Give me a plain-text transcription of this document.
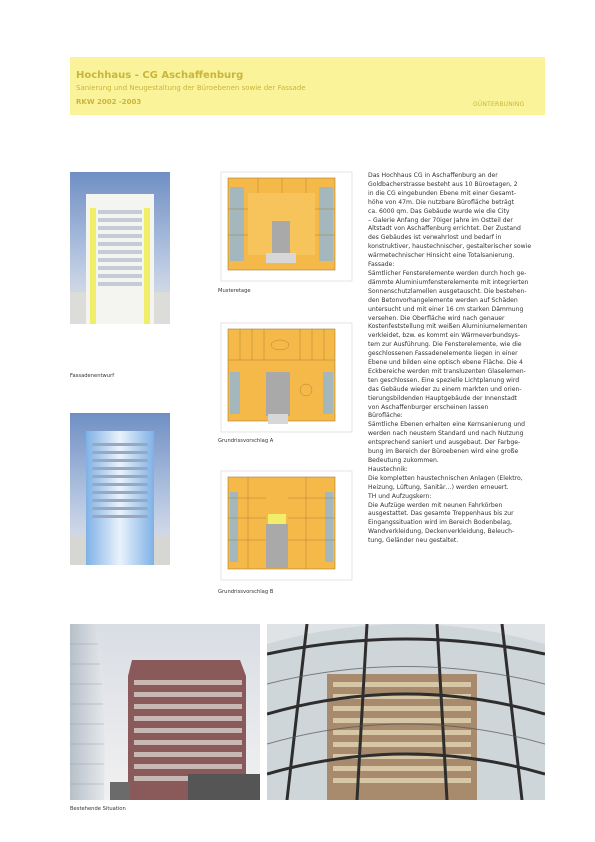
Hochhaus - CG Aschaffenburg
Sanierung und Neugestaltung der Büroebenen sowie der Fassade
RKW 2002 -2003	GÜNTERBUNING
Fassadenentwurf
Musteretage
Grundrissvorschlag A
Grundrissvorschlag B

Das Hochhaus CG in Aschaffenburg an der

Goldbacherstrasse besteht aus 10 Büroetagen, 2

in die CG eingebunden Ebene mit einer Gesamt-

höhe von 47m. Die nutzbare Bürofläche beträgt

ca. 6000 qm. Das Gebäude wurde wie die City

– Galerie Anfang der 70iger Jahre im Ostteil der

Altstadt von Aschaffenburg errichtet. Der Zustand

des Gebäudes ist verwahrlost und bedarf in

konstruktiver, haustechnischer, gestalterischer sowie

wärmetechnischer Hinsicht eine Totalsanierung.

Fassade:

Sämtlicher Fensterelemente werden durch hoch ge-

dämmte Aluminiumfensterelemente mit integrierten

Sonnenschutzlamellen ausgetauscht. Die bestehen-

den Betonvorhangelemente werden auf Schäden

untersucht und mit einer 16 cm starken Dämmung

versehen. Die Oberfläche wird nach genauer

Kostenfeststellung mit weißen Aluminiumelementen

verkleidet, bzw. es kommt ein Wärmeverbundsys-

tem zur Ausführung. Die Fensterelemente, wie die

geschlossenen Fassadenelemente liegen in einer

Ebene und bilden eine optisch ebene Fläche. Die 4

Eckbereiche werden mit transluzenten Glaselemen-

ten geschlossen. Eine spezielle Lichtplanung wird

das Gebäude wieder zu einem markten und orien-

tierungsbildenden Hauptgebäude der Innenstadt

von Aschaffenburger erscheinen lassen

Bürofläche:

Sämtliche Ebenen erhalten eine Kernsanierung und

werden nach neustem Standard und nach Nutzung

entsprechend saniert und ausgebaut. Der Farbge-

bung im Bereich der Büroebenen wird eine große

Bedeutung zukommen.

Haustechnik:

Die kompletten haustechnischen Anlagen (Elektro,

Heizung, Lüftung, Sanitär…) werden erneuert.

TH und Aufzugskern:

Die Aufzüge werden mit neunen Fahrkörben

ausgestattet. Das gesamte Treppenhaus bis zur

Eingangssituation wird im Bereich Bodenbelag,

Wandverkleidung, Deckenverkleidung, Beleuch-

tung, Geländer neu gestaltet.

Bestehende Situation
